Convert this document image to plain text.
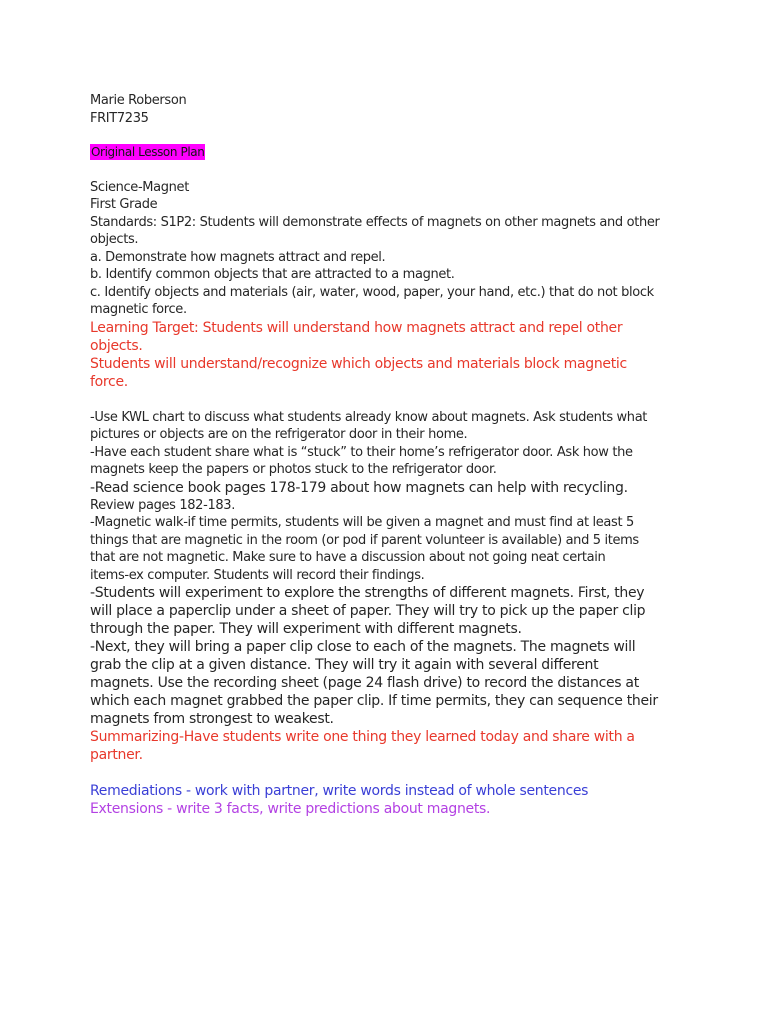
Marie Roberson
FRIT7235
Original Lesson Plan
Science-Magnet
First Grade
Standards: S1P2: Students will demonstrate effects of magnets on other magnets and other
objects.
a. Demonstrate how magnets attract and repel.
b. Identify common objects that are attracted to a magnet.
c. Identify objects and materials (air, water, wood, paper, your hand, etc.) that do not block
magnetic force.
Learning Target: Students will understand how magnets attract and repel other
objects.
Students will understand/recognize which objects and materials block magnetic
force.
-Use KWL chart to discuss what students already know about magnets. Ask students what
pictures or objects are on the refrigerator door in their home.
-Have each student share what is “stuck” to their home’s refrigerator door. Ask how the
magnets keep the papers or photos stuck to the refrigerator door.
-Read science book pages 178-179 about how magnets can help with recycling.
Review pages 182-183.
-Magnetic walk-if time permits, students will be given a magnet and must find at least 5
things that are magnetic in the room (or pod if parent volunteer is available) and 5 items
that are not magnetic. Make sure to have a discussion about not going neat certain
items-ex computer. Students will record their findings.
-Students will experiment to explore the strengths of different magnets. First, they
will place a paperclip under a sheet of paper. They will try to pick up the paper clip
through the paper. They will experiment with different magnets.
-Next, they will bring a paper clip close to each of the magnets. The magnets will
grab the clip at a given distance. They will try it again with several different
magnets. Use the recording sheet (page 24 flash drive) to record the distances at
which each magnet grabbed the paper clip. If time permits, they can sequence their
magnets from strongest to weakest.
Summarizing-Have students write one thing they learned today and share with a
partner.
Remediations - work with partner, write words instead of whole sentences
Extensions - write 3 facts, write predictions about magnets.
